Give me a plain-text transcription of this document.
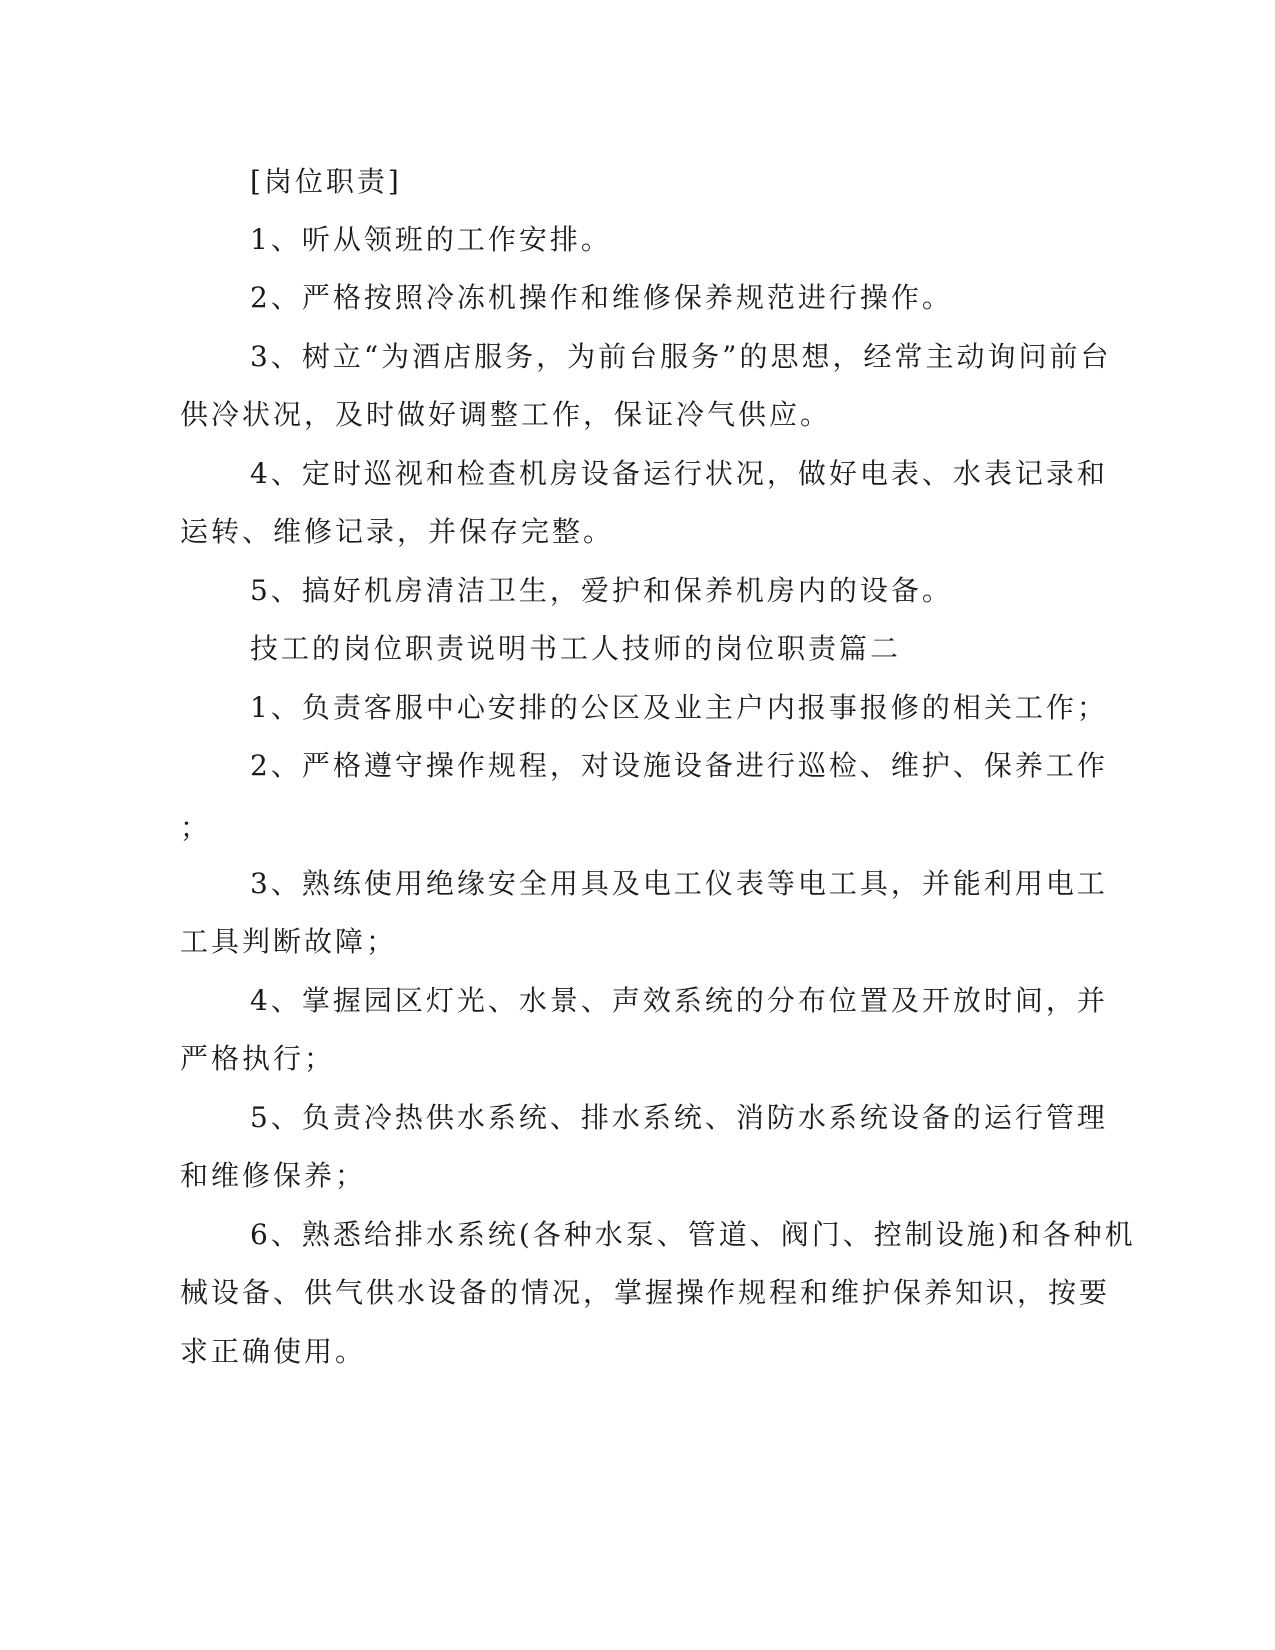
[岗位职责]
1、听从领班的工作安排。
2、严格按照冷冻机操作和维修保养规范进行操作。
3、树立“为酒店服务，为前台服务”的思想，经常主动询问前台
供冷状况，及时做好调整工作，保证冷气供应。
4、定时巡视和检查机房设备运行状况，做好电表、水表记录和
运转、维修记录，并保存完整。
5、搞好机房清洁卫生，爱护和保养机房内的设备。
技工的岗位职责说明书工人技师的岗位职责篇二
1、负责客服中心安排的公区及业主户内报事报修的相关工作；
2、严格遵守操作规程，对设施设备进行巡检、维护、保养工作
；
3、熟练使用绝缘安全用具及电工仪表等电工具，并能利用电工
工具判断故障；
4、掌握园区灯光、水景、声效系统的分布位置及开放时间，并
严格执行；
5、负责冷热供水系统、排水系统、消防水系统设备的运行管理
和维修保养；
6、熟悉给排水系统(各种水泵、管道、阀门、控制设施)和各种机
械设备、供气供水设备的情况，掌握操作规程和维护保养知识，按要
求正确使用。
